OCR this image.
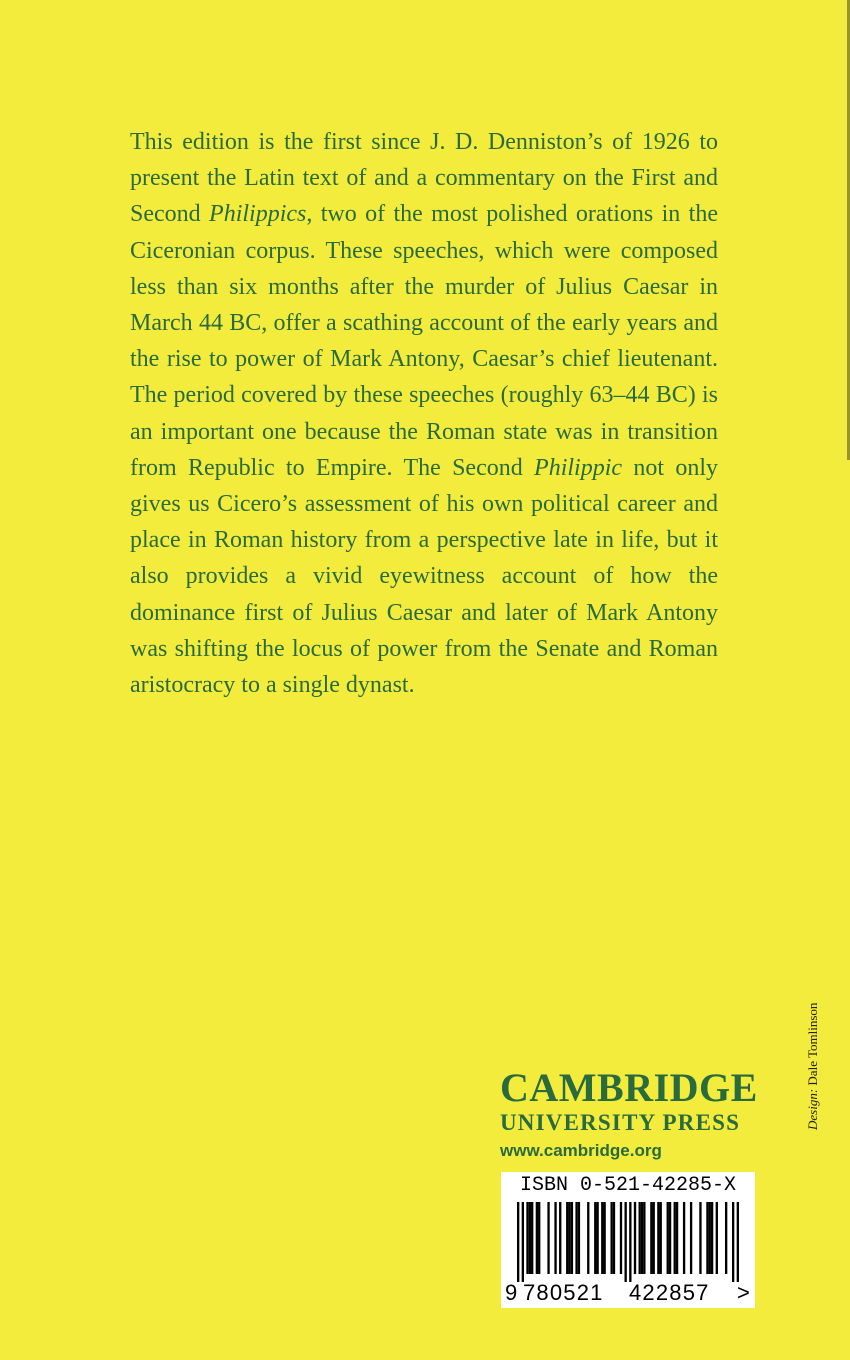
This edition is the first since J. D. Denniston’s of 1926 to present the Latin text of and a commentary on the First and Second Philippics, two of the most polished orations in the Ciceronian corpus. These speeches, which were composed less than six months after the murder of Julius Caesar in March 44 BC, offer a scathing account of the early years and the rise to power of Mark Antony, Caesar’s chief lieutenant. The period covered by these speeches (roughly 63–44 BC) is an important one because the Roman state was in transition from Republic to Empire. The Second Philippic not only gives us Cicero’s assessment of his own political career and place in Roman history from a perspective late in life, but it also provides a vivid eyewitness account of how the dominance first of Julius Caesar and later of Mark Antony was shifting the locus of power from the Senate and Roman aristocracy to a single dynast.

Design: Dale Tomlinson
CAMBRIDGE
UNIVERSITY PRESS
www.cambridge.org
ISBN 0-521-42285-X
9 780521 422857 >
